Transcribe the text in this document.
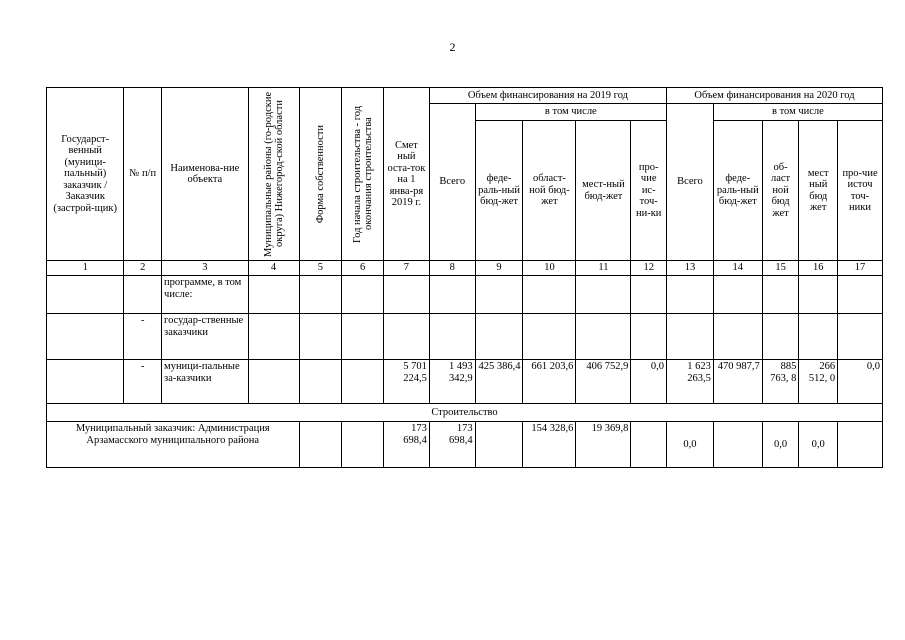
2
Государст-венный (муници-пальный) заказчик / Заказчик (застрой-щик)	№ п/п	Наименова-ние объекта	Муниципальные районы (го-родские округа) Нижегород-ской области	Форма собственности	Год начала строительства - год окончания строительства	Смет ный оста-ток на 1 янва-ря 2019 г.	Объем финансирования на 2019 год					Объем финансирования на 2020 год				
							Всего	в том числе				Всего	в том числе			
								феде-раль-ный бюд-жет	област-ной бюд-жет	мест-ный бюд-жет	про-чие ис-точ-ни-ки		феде-раль-ный бюд-жет	об-ласт ной бюд жет	мест ный бюд жет	про-чие источ точ-ники
1	2	3	4	5	6	7	8	9	10	11	12	13	14	15	16	17
		программе, в том числе:														
	-	государ-ственные заказчики														
	-	муници-пальные за-казчики				5 701 224,5	1 493 342,9	425 386,4	661 203,6	406 752,9	0,0	1 623 263,5	470 987,7	885 763, 8	266 512, 0	0,0
Строительство																
Муниципальный заказчик: Администрация Арзамасского муниципального района						173 698,4	173 698,4		154 328,6	19 369,8		0,0		0,0	0,0	
